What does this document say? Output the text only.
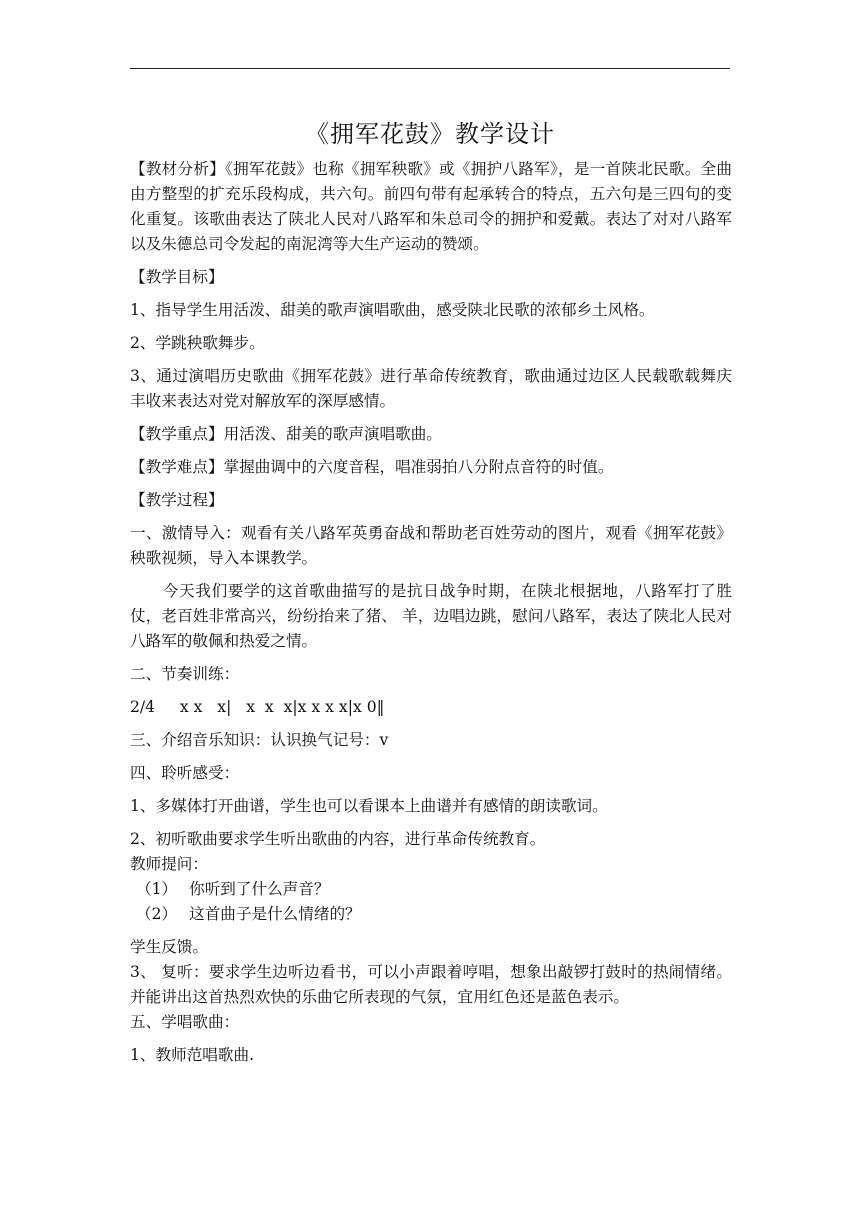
《拥军花鼓》教学设计

【教材分析】《拥军花鼓》也称《拥军秧歌》或《拥护八路军》，是一首陕北民歌。全曲由方整型的扩充乐段构成，共六句。前四句带有起承转合的特点，五六句是三四句的变化重复。该歌曲表达了陕北人民对八路军和朱总司令的拥护和爱戴。表达了对对八路军以及朱德总司令发起的南泥湾等大生产运动的赞颂。

【教学目标】

1、指导学生用活泼、甜美的歌声演唱歌曲，感受陕北民歌的浓郁乡土风格。

2、学跳秧歌舞步。

3、通过演唱历史歌曲《拥军花鼓》进行革命传统教育，歌曲通过边区人民载歌载舞庆丰收来表达对党对解放军的深厚感情。

【教学重点】用活泼、甜美的歌声演唱歌曲。

【教学难点】掌握曲调中的六度音程，唱准弱拍八分附点音符的时值。

【教学过程】

一、激情导入：观看有关八路军英勇奋战和帮助老百姓劳动的图片，观看《拥军花鼓》秧歌视频，导入本课教学。

今天我们要学的这首歌曲描写的是抗日战争时期，在陕北根据地，八路军打了胜仗，老百姓非常高兴，纷纷抬来了猪、 羊，边唱边跳，慰问八路军，表达了陕北人民对八路军的敬佩和热爱之情。

二、节奏训练：

2/4     x x   x|   x  x  x|x x x x|x 0‖

三、介绍音乐知识：认识换气记号：v

四、聆听感受：

1、多媒体打开曲谱，学生也可以看课本上曲谱并有感情的朗读歌词。

2、初听歌曲要求学生听出歌曲的内容，进行革命传统教育。

教师提问：

（1） 你听到了什么声音？

（2） 这首曲子是什么情绪的？

学生反馈。

3、 复听：要求学生边听边看书，可以小声跟着哼唱，想象出敲锣打鼓时的热闹情绪。并能讲出这首热烈欢快的乐曲它所表现的气氛，宜用红色还是蓝色表示。

五、学唱歌曲：

1、教师范唱歌曲.
